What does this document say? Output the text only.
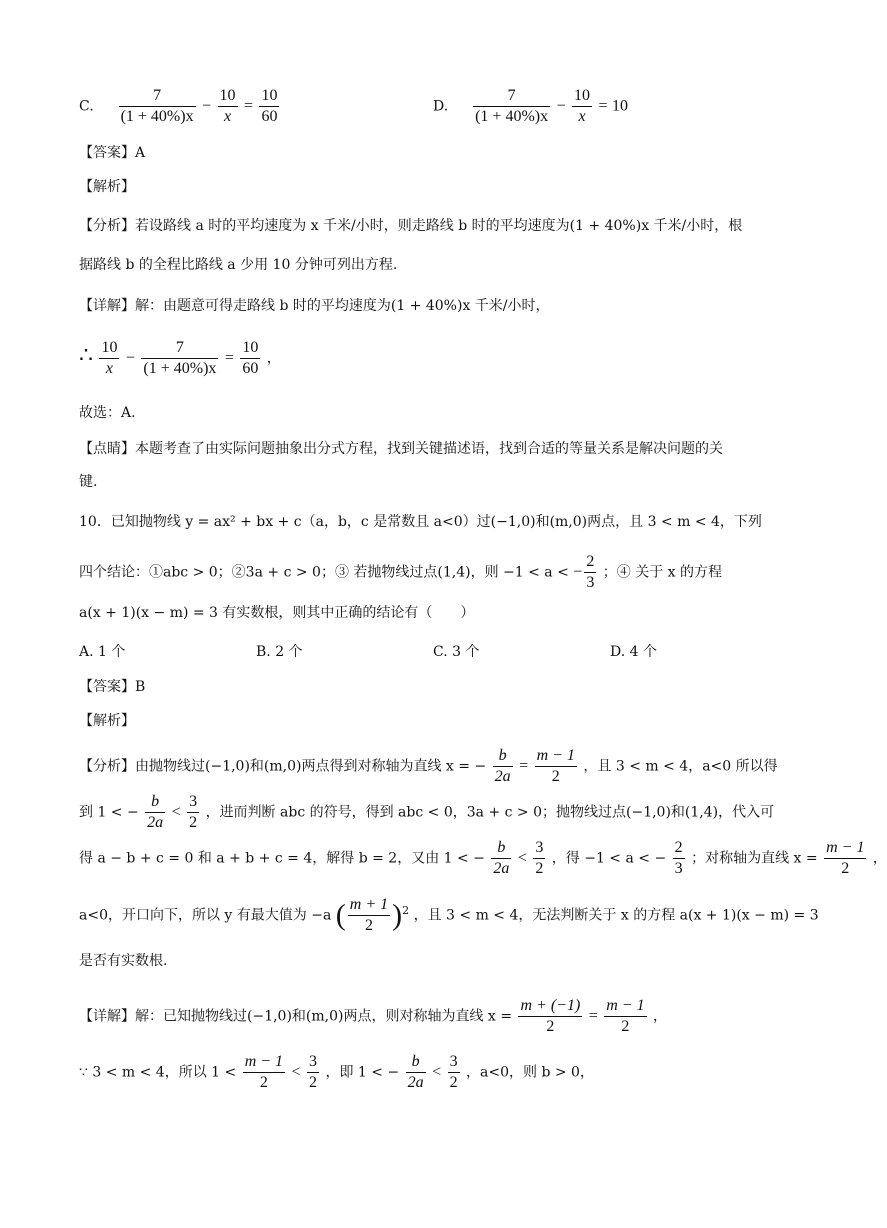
C. $\frac{7}{(1 + 40\%)x} - \frac{10}{x} = \frac{10}{60}$	D. $\frac{7}{(1 + 40\%)x} - \frac{10}{x} = 10$
【答案】A
【解析】
【分析】若设路线 a 时的平均速度为 x 千米/小时，则走路线 b 时的平均速度为(1 + 40%)x 千米/小时，根
据路线 b 的全程比路线 a 少用 10 分钟可列出方程.
【详解】解：由题意可得走路线 b 时的平均速度为(1 + 40%)x 千米/小时，
∴ $\frac{10}{x} - \frac{7}{(1 + 40\%)x} = \frac{10}{60}$ ，
故选：A.
【点睛】本题考查了由实际问题抽象出分式方程，找到关键描述语，找到合适的等量关系是解决问题的关
键.
10．已知抛物线 y = ax² + bx + c（a，b，c 是常数且 a<0）过(−1,0)和(m,0)两点，且 3 < m < 4，下列
四个结论：①abc > 0；②3a + c > 0；③ 若抛物线过点(1,4)，则 −1 < a < − $\frac{2}{3}$ ；④ 关于 x 的方程
a(x + 1)(x − m) = 3 有实数根，则其中正确的结论有（　　）
A. 1 个	B. 2 个	C. 3 个	D. 4 个
【答案】B
【解析】
【分析】由抛物线过(−1,0)和(m,0)两点得到对称轴为直线 x = − $\frac{b}{2a} = \frac{m - 1}{2}$ ，且 3 < m < 4，a<0 所以得
到 1 < − $\frac{b}{2a} < \frac{3}{2}$ ，进而判断 abc 的符号，得到 abc < 0，3a + c > 0；抛物线过点(−1,0)和(1,4)，代入可
得 a − b + c = 0 和 a + b + c = 4，解得 b = 2，又由 1 < − $\frac{b}{2a} < \frac{3}{2}$ ，得 −1 < a < − $\frac{2}{3}$ ；对称轴为直线 $x = \frac{m - 1}{2}$ ，
a<0，开口向下，所以 y 有最大值为 −a ( $\frac{m + 1}{2} )^2$ ，且 3 < m < 4，无法判断关于 x 的方程 a(x + 1)(x − m) = 3
是否有实数根.
【详解】解：已知抛物线过(−1,0)和(m,0)两点，则对称轴为直线 $x = \frac{m + (-1)}{2} = \frac{m - 1}{2}$ ，
∵ 3 < m < 4，所以 $1 < \frac{m - 1}{2} < \frac{3}{2}$ ，即 1 < − $\frac{b}{2a} < \frac{3}{2}$ ，a<0，则 b > 0，
